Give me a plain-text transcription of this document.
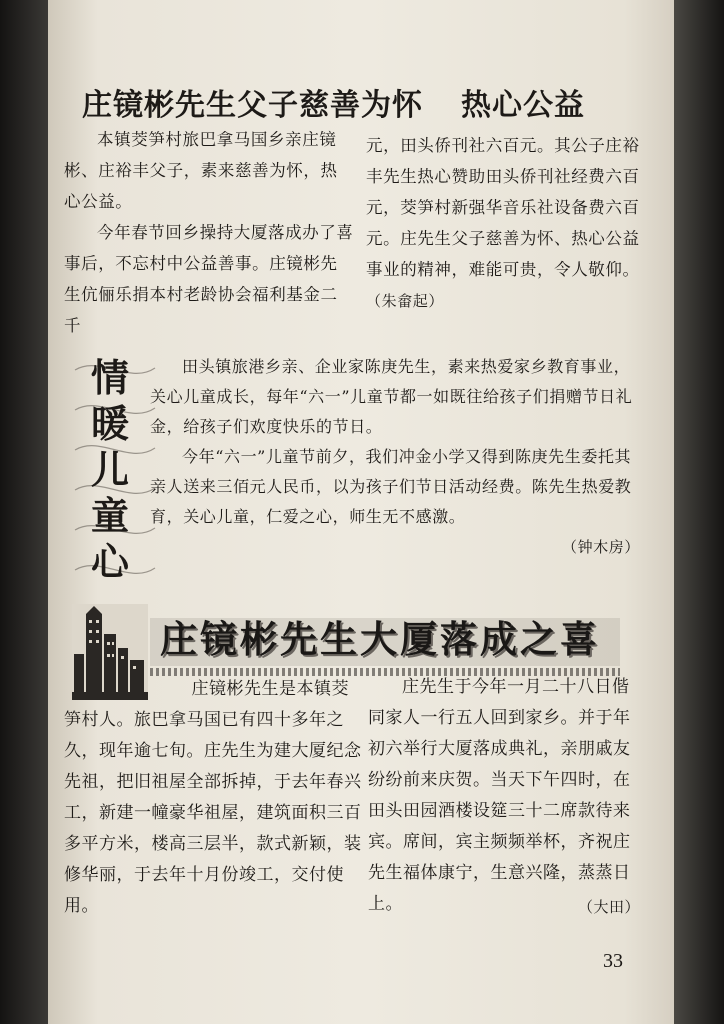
庄镜彬先生父子慈善为怀 热心公益

本镇茭笋村旅巴拿马国乡亲庄镜彬、庄裕丰父子，素来慈善为怀，热心公益。

今年春节回乡操持大厦落成办了喜事后，不忘村中公益善事。庄镜彬先生伉俪乐捐本村老龄协会福利基金二千

元，田头侨刊社六百元。其公子庄裕丰先生热心赞助田头侨刊社经费六百元，茭笋村新强华音乐社设备费六百元。庄先生父子慈善为怀、热心公益事业的精神，难能可贵，令人敬仰。（朱畲起）

情
暖
儿
童
心

田头镇旅港乡亲、企业家陈庚先生，素来热爱家乡教育事业，关心儿童成长，每年“六一”儿童节都一如既往给孩子们捐赠节日礼金，给孩子们欢度快乐的节日。

今年“六一”儿童节前夕，我们冲金小学又得到陈庚先生委托其亲人送来三佰元人民币，以为孩子们节日活动经费。陈先生热爱教育，关心儿童，仁爱之心，师生无不感激。

（钟木房）

庄镜彬先生大厦落成之喜

庄镜彬先生是本镇茭笋村人。旅巴拿马国已有四十多年之久，现年逾七旬。庄先生为建大厦纪念先祖，把旧祖屋全部拆掉，于去年春兴工，新建一幢豪华祖屋，建筑面积三百多平方米，楼高三层半，款式新颖，装修华丽，于去年十月份竣工，交付使用。

庄先生于今年一月二十八日偕同家人一行五人回到家乡。并于年初六举行大厦落成典礼，亲朋戚友纷纷前来庆贺。当天下午四时，在田头田园酒楼设筵三十二席款待来宾。席间，宾主频频举杯，齐祝庄先生福体康宁，生意兴隆，蒸蒸日上。	（大田）

33
